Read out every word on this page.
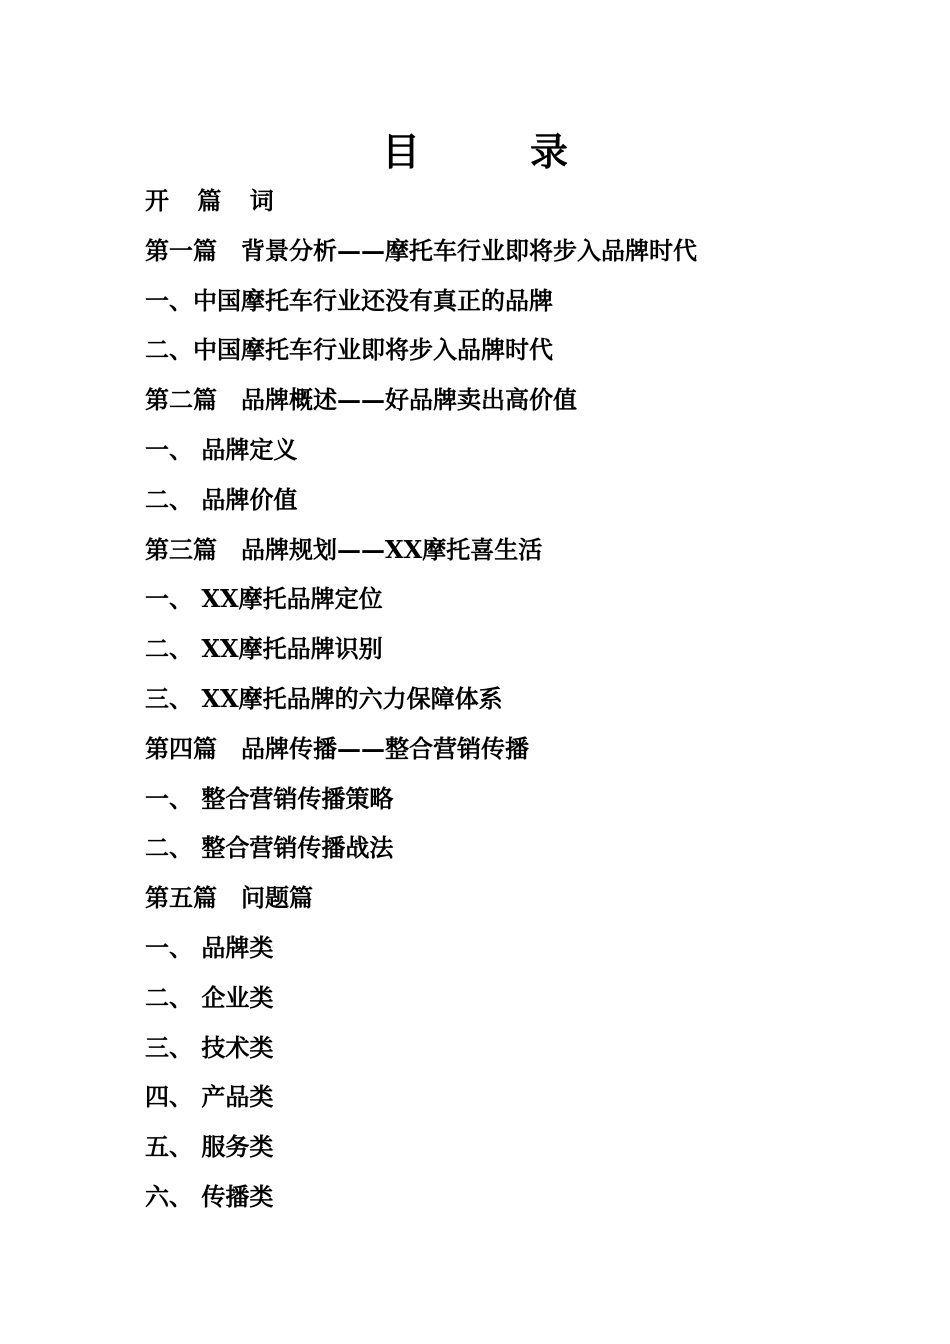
目　录
开 篇 词
第一篇　背景分析——摩托车行业即将步入品牌时代
一、中国摩托车行业还没有真正的品牌
二、中国摩托车行业即将步入品牌时代
第二篇　品牌概述——好品牌卖出高价值
一、 品牌定义
二、 品牌价值
第三篇　品牌规划——XX摩托喜生活
一、 XX摩托品牌定位
二、 XX摩托品牌识别
三、 XX摩托品牌的六力保障体系
第四篇　品牌传播——整合营销传播
一、 整合营销传播策略
二、 整合营销传播战法
第五篇　问题篇
一、 品牌类
二、 企业类
三、 技术类
四、 产品类
五、 服务类
六、 传播类
